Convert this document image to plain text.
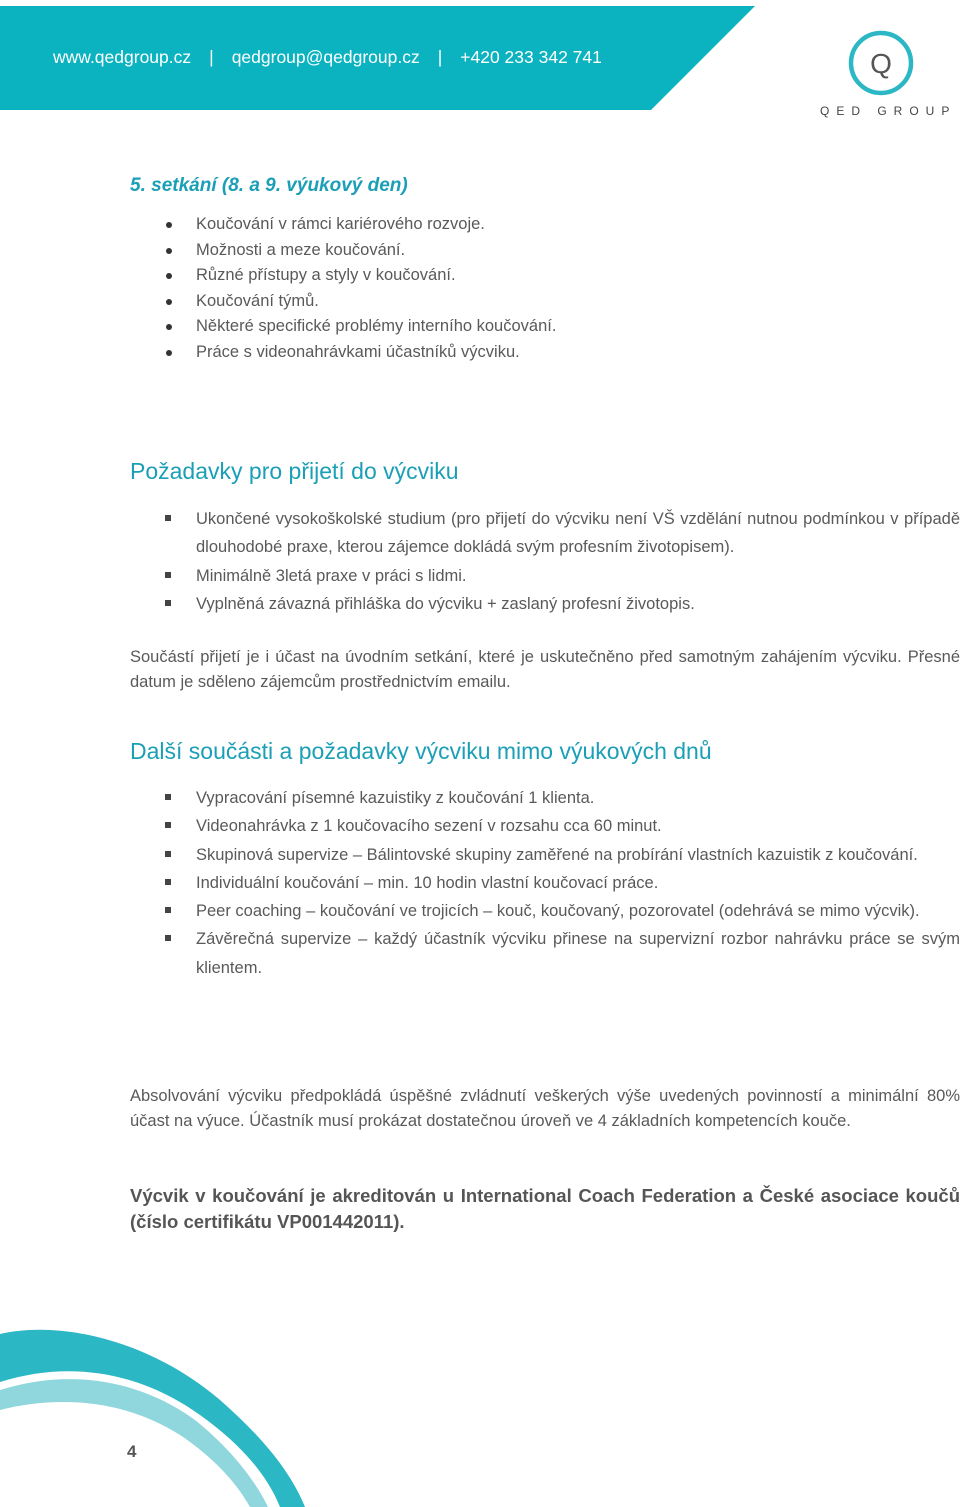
www.qedgroup.cz | qedgroup@qedgroup.cz | +420 233 342 741	Q
QED GROUP
5. setkání (8. a 9. výukový den)
Koučování v rámci kariérového rozvoje.
Možnosti a meze koučování.
Různé přístupy a styly v koučování.
Koučování týmů.
Některé specifické problémy interního koučování.
Práce s videonahrávkami účastníků výcviku.
Požadavky pro přijetí do výcviku
Ukončené vysokoškolské studium (pro přijetí do výcviku není VŠ vzdělání nutnou podmínkou v případě dlouhodobé praxe, kterou zájemce dokládá svým profesním životopisem).
Minimálně 3letá praxe v práci s lidmi.
Vyplněná závazná přihláška do výcviku + zaslaný profesní životopis.

Součástí přijetí je i účast na úvodním setkání, které je uskutečněno před samotným zahájením výcviku. Přesné datum je sděleno zájemcům prostřednictvím emailu.

Další součásti a požadavky výcviku mimo výukových dnů
Vypracování písemné kazuistiky z koučování 1 klienta.
Videonahrávka z 1 koučovacího sezení v rozsahu cca 60 minut.
Skupinová supervize – Bálintovské skupiny zaměřené na probírání vlastních kazuistik z koučování.
Individuální koučování – min. 10 hodin vlastní koučovací práce.
Peer coaching – koučování ve trojicích – kouč, koučovaný, pozorovatel (odehrává se mimo výcvik).
Závěrečná supervize – každý účastník výcviku přinese na supervizní rozbor nahrávku práce se svým klientem.

Absolvování výcviku předpokládá úspěšné zvládnutí veškerých výše uvedených povinností a minimální 80% účast na výuce. Účastník musí prokázat dostatečnou úroveň ve 4 základních kompetencích kouče.

Výcvik v koučování je akreditován u International Coach Federation a České asociace koučů (číslo certifikátu VP001442011).

4
